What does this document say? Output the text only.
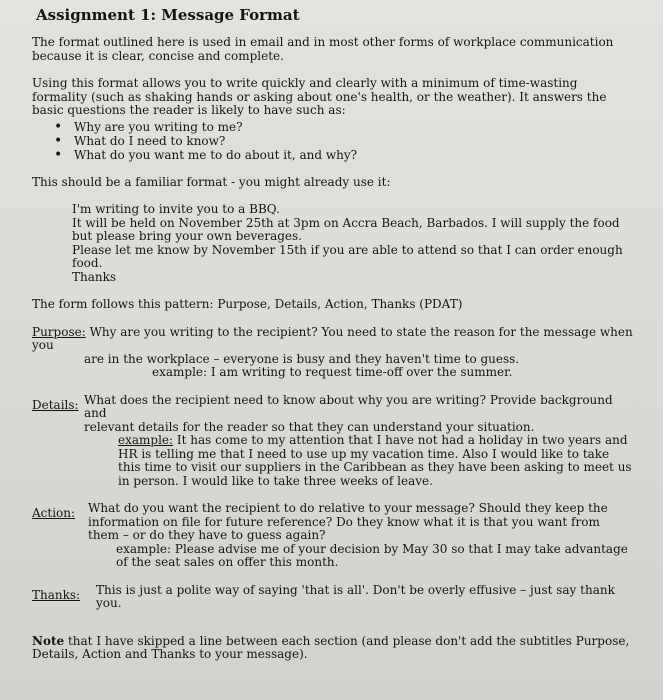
Assignment 1: Message Format

The format outlined here is used in email and in most other forms of workplace communication because it is clear, concise and complete.

Using this format allows you to write quickly and clearly with a minimum of time-wasting formality (such as shaking hands or asking about one's health, or the weather). It answers the basic questions the reader is likely to have such as:

• Why are you writing to me?
• What do I need to know?
• What do you want me to do about it, and why?

This should be a familiar format - you might already use it:

I'm writing to invite you to a BBQ.

It will be held on November 25th at 3pm on Accra Beach, Barbados. I will supply the food but please bring your own beverages.

Please let me know by November 15th if you are able to attend so that I can order enough food.

Thanks

The form follows this pattern: Purpose, Details, Action, Thanks (PDAT)

Purpose: Why are you writing to the recipient? You need to state the reason for the message when you

are in the workplace – everyone is busy and they haven't time to guess.

example: I am writing to request time-off over the summer.

Details: What does the recipient need to know about why you are writing? Provide background and

relevant details for the reader so that they can understand your situation.

example: It has come to my attention that I have not had a holiday in two years and HR is telling me that I need to use up my vacation time. Also I would like to take this time to visit our suppliers in the Caribbean as they have been asking to meet us in person. I would like to take three weeks of leave.

Action:	What do you want the recipient to do relative to your message? Should they keep the information on file for future reference? Do they know what it is that you want from them – or do they have to guess again?

example: Please advise me of your decision by May 30 so that I may take advantage of the seat sales on offer this month.

Thanks:	This is just a polite way of saying 'that is all'. Don't be overly effusive – just say thank you.

Note that I have skipped a line between each section (and please don't add the subtitles Purpose, Details, Action and Thanks to your message).
